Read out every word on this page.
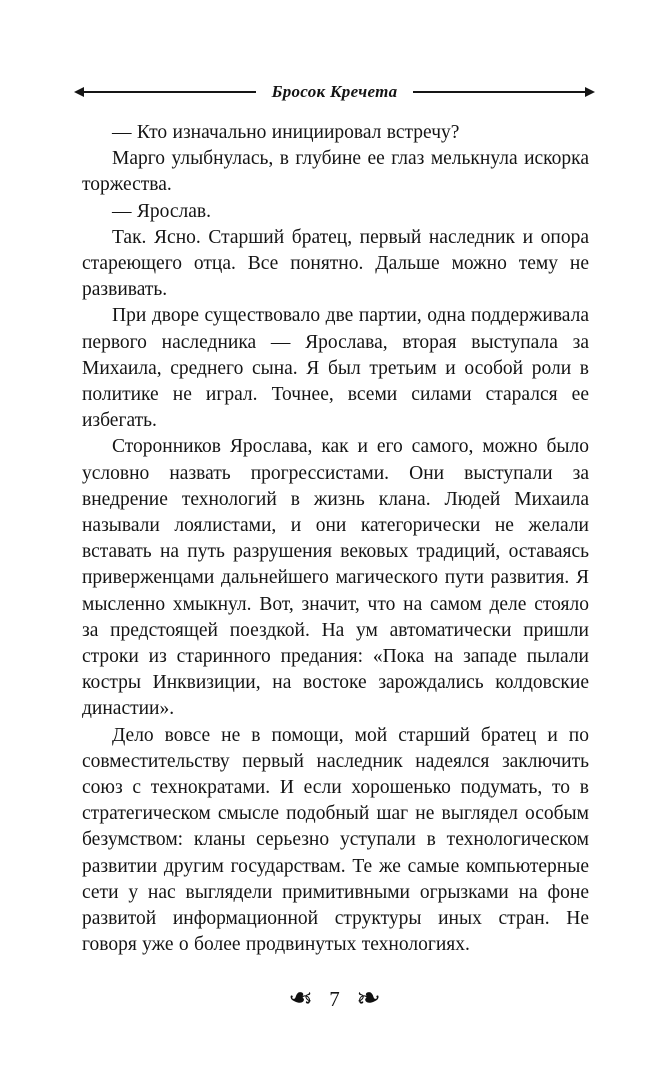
Бросок Кречета

— Кто изначально инициировал встречу?

Марго улыбнулась, в глубине ее глаз мелькнула искорка торжества.

— Ярослав.

Так. Ясно. Старший братец, первый наследник и опора стареющего отца. Все понятно. Дальше можно тему не развивать.

При дворе существовало две партии, одна поддерживала первого наследника — Ярослава, вторая выступала за Михаила, среднего сына. Я был третьим и особой роли в политике не играл. Точнее, всеми силами старался ее избегать.

Сторонников Ярослава, как и его самого, можно было условно назвать прогрессистами. Они выступали за внедрение технологий в жизнь клана. Людей Михаила называли лоялистами, и они категорически не желали вставать на путь разрушения вековых традиций, оставаясь приверженцами дальнейшего магического пути развития. Я мысленно хмыкнул. Вот, значит, что на самом деле стояло за предстоящей поездкой. На ум автоматически пришли строки из старинного предания: «Пока на западе пылали костры Инквизиции, на востоке зарождались колдовские династии».

Дело вовсе не в помощи, мой старший братец и по совместительству первый наследник надеялся заключить союз с технократами. И если хорошенько подумать, то в стратегическом смысле подобный шаг не выглядел особым безумством: кланы серьезно уступали в технологическом развитии другим государствам. Те же самые компьютерные сети у нас выглядели примитивными огрызками на фоне развитой информационной структуры иных стран. Не говоря уже о более продвинутых технологиях.

❧ 7 ❧
